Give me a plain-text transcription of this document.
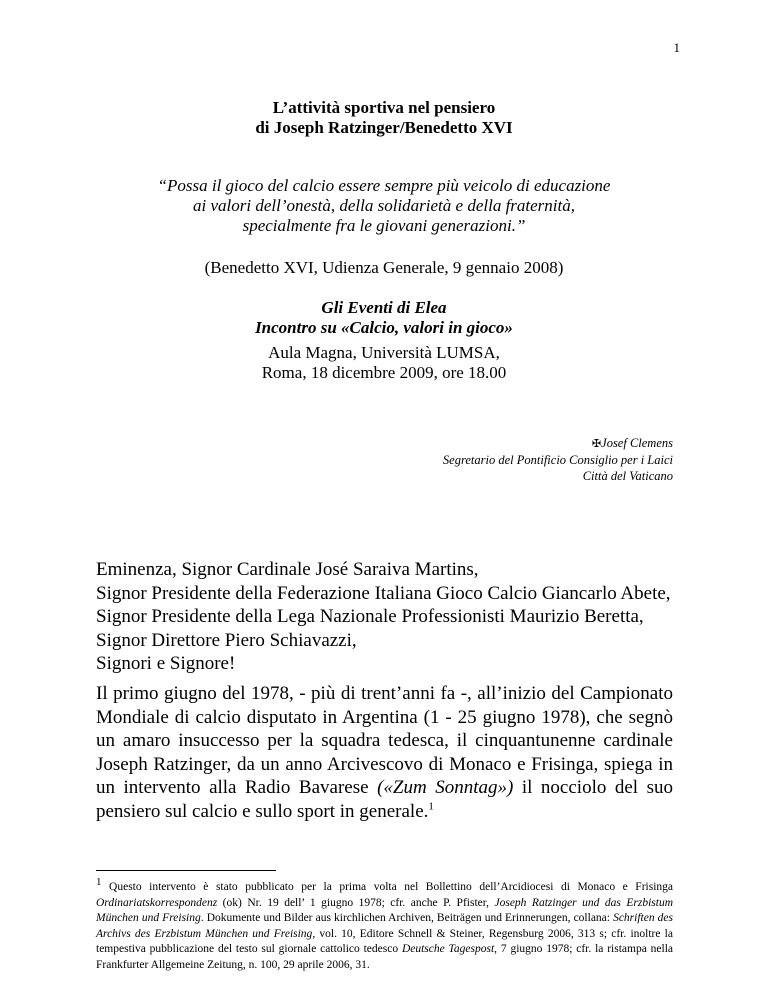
1
L’attività sportiva nel pensiero
di Joseph Ratzinger/Benedetto XVI
“Possa il gioco del calcio essere sempre più veicolo di educazione
ai valori dell’onestà, della solidarietà e della fraternità,
specialmente fra le giovani generazioni.”
(Benedetto XVI, Udienza Generale, 9 gennaio 2008)
Gli Eventi di Elea
Incontro su «Calcio, valori in gioco»
Aula Magna, Università LUMSA,
Roma, 18 dicembre 2009, ore 18.00
✠Josef Clemens
Segretario del Pontificio Consiglio per i Laici
Città del Vaticano
Eminenza, Signor Cardinale José Saraiva Martins,
Signor Presidente della Federazione Italiana Gioco Calcio Giancarlo Abete,
Signor Presidente della Lega Nazionale Professionisti Maurizio Beretta,
Signor Direttore Piero Schiavazzi,
Signori e Signore!
Il primo giugno del 1978, - più di trent’anni fa -, all’inizio del Campionato Mondiale di calcio disputato in Argentina (1 - 25 giugno 1978), che segnò un amaro insuccesso per la squadra tedesca, il cinquantunenne cardinale Joseph Ratzinger, da un anno Arcivescovo di Monaco e Frisinga, spiega in un intervento alla Radio Bavarese («Zum Sonntag») il nocciolo del suo pensiero sul calcio e sullo sport in generale.$^1$
$^1$ Questo intervento è stato pubblicato per la prima volta nel Bollettino dell’Arcidiocesi di Monaco e Frisinga Ordinariatskorrespondenz (ok) Nr. 19 dell’ 1 giugno 1978; cfr. anche P. Pfister, Joseph Ratzinger und das Erzbistum München und Freising. Dokumente und Bilder aus kirchlichen Archiven, Beiträgen und Erinnerungen, collana: Schriften des Archivs des Erzbistum München und Freising, vol. 10, Editore Schnell & Steiner, Regensburg 2006, 313 s; cfr. inoltre la tempestiva pubblicazione del testo sul giornale cattolico tedesco Deutsche Tagespost, 7 giugno 1978; cfr. la ristampa nella Frankfurter Allgemeine Zeitung, n. 100, 29 aprile 2006, 31.
